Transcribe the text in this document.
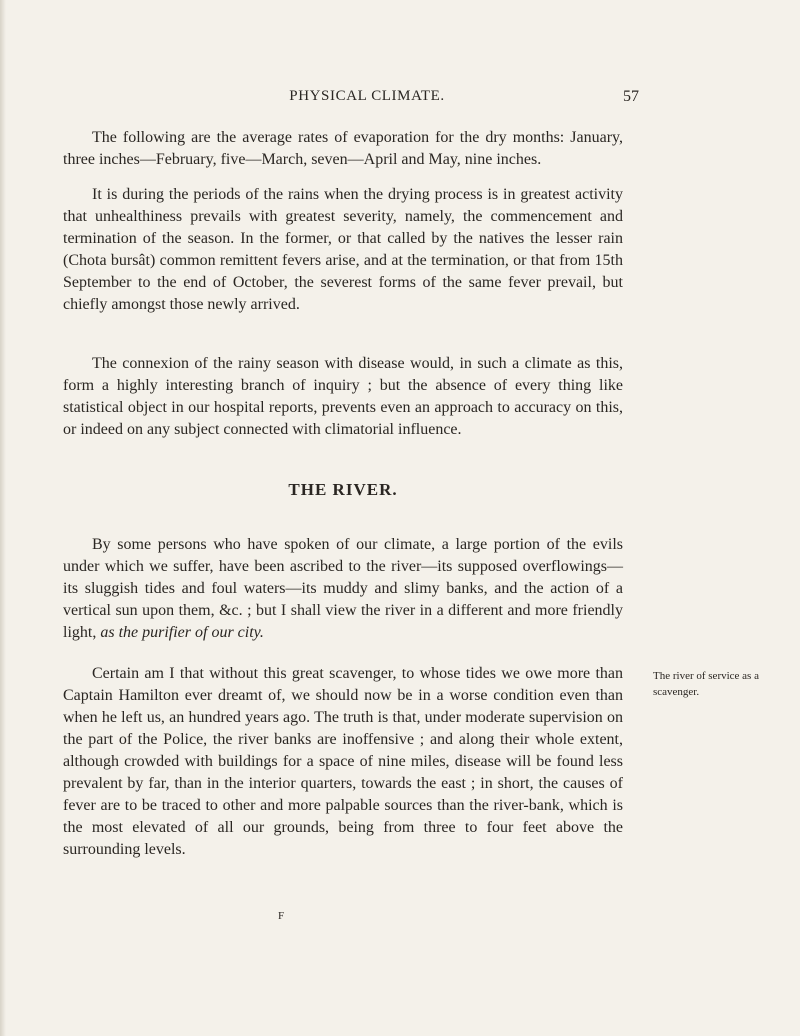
PHYSICAL CLIMATE.	57

The following are the average rates of evaporation for the dry months: January, three inches—February, five—March, seven—April and May, nine inches.

It is during the periods of the rains when the drying process is in greatest activity that unhealthiness prevails with greatest severity, namely, the commencement and termination of the season. In the former, or that called by the natives the lesser rain (Chota bursât) common remittent fevers arise, and at the termination, or that from 15th September to the end of October, the severest forms of the same fever prevail, but chiefly amongst those newly arrived.

The connexion of the rainy season with disease would, in such a climate as this, form a highly interesting branch of inquiry ; but the absence of every thing like statistical object in our hospital reports, prevents even an approach to accuracy on this, or indeed on any subject connected with climatorial influence.

THE RIVER.

By some persons who have spoken of our climate, a large portion of the evils under which we suffer, have been ascribed to the river—its supposed overflowings—its sluggish tides and foul waters—its muddy and slimy banks, and the action of a vertical sun upon them, &c. ; but I shall view the river in a different and more friendly light, as the purifier of our city.

Certain am I that without this great scavenger, to whose tides we owe more than Captain Hamilton ever dreamt of, we should now be in a worse condition even than when he left us, an hundred years ago. The truth is that, under moderate supervision on the part of the Police, the river banks are inoffensive ; and along their whole extent, although crowded with buildings for a space of nine miles, disease will be found less prevalent by far, than in the interior quarters, towards the east ; in short, the causes of fever are to be traced to other and more palpable sources than the river-bank, which is the most elevated of all our grounds, being from three to four feet above the surrounding levels.

The river of service as a scavenger.
F
